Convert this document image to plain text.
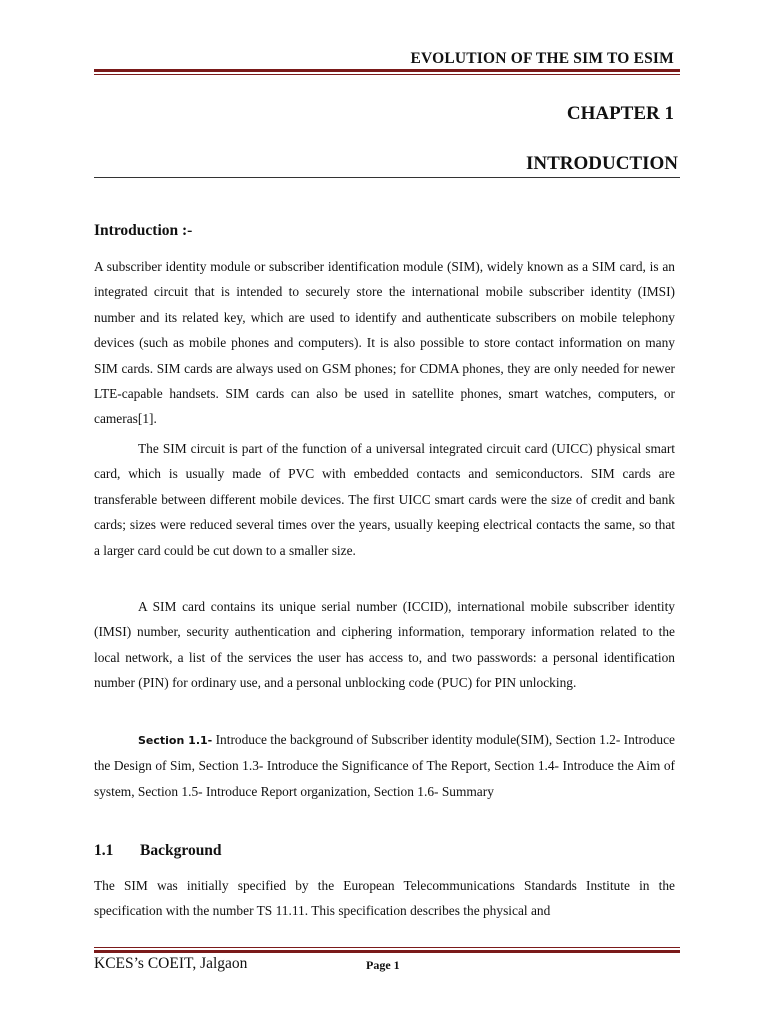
EVOLUTION OF THE SIM TO ESIM
CHAPTER 1
INTRODUCTION
Introduction :-

A subscriber identity module or subscriber identification module (SIM), widely known as a SIM card, is an integrated circuit that is intended to securely store the international mobile subscriber identity (IMSI) number and its related key, which are used to identify and authenticate subscribers on mobile telephony devices (such as mobile phones and computers). It is also possible to store contact information on many SIM cards. SIM cards are always used on GSM phones; for CDMA phones, they are only needed for newer LTE-capable handsets. SIM cards can also be used in satellite phones, smart watches, computers, or cameras[1].

The SIM circuit is part of the function of a universal integrated circuit card (UICC) physical smart card, which is usually made of PVC with embedded contacts and semiconductors. SIM cards are transferable between different mobile devices. The first UICC smart cards were the size of credit and bank cards; sizes were reduced several times over the years, usually keeping electrical contacts the same, so that a larger card could be cut down to a smaller size.

A SIM card contains its unique serial number (ICCID), international mobile subscriber identity (IMSI) number, security authentication and ciphering information, temporary information related to the local network, a list of the services the user has access to, and two passwords: a personal identification number (PIN) for ordinary use, and a personal unblocking code (PUC) for PIN unlocking.

Section 1.1- Introduce the background of Subscriber identity module(SIM), Section 1.2- Introduce the Design of Sim, Section 1.3- Introduce the Significance of The Report, Section 1.4- Introduce the Aim of system, Section 1.5- Introduce Report organization, Section 1.6- Summary

1.1 Background

The SIM was initially specified by the European Telecommunications Standards Institute in the specification with the number TS 11.11. This specification describes the physical and

KCES’s COEIT, Jalgaon	Page 1
